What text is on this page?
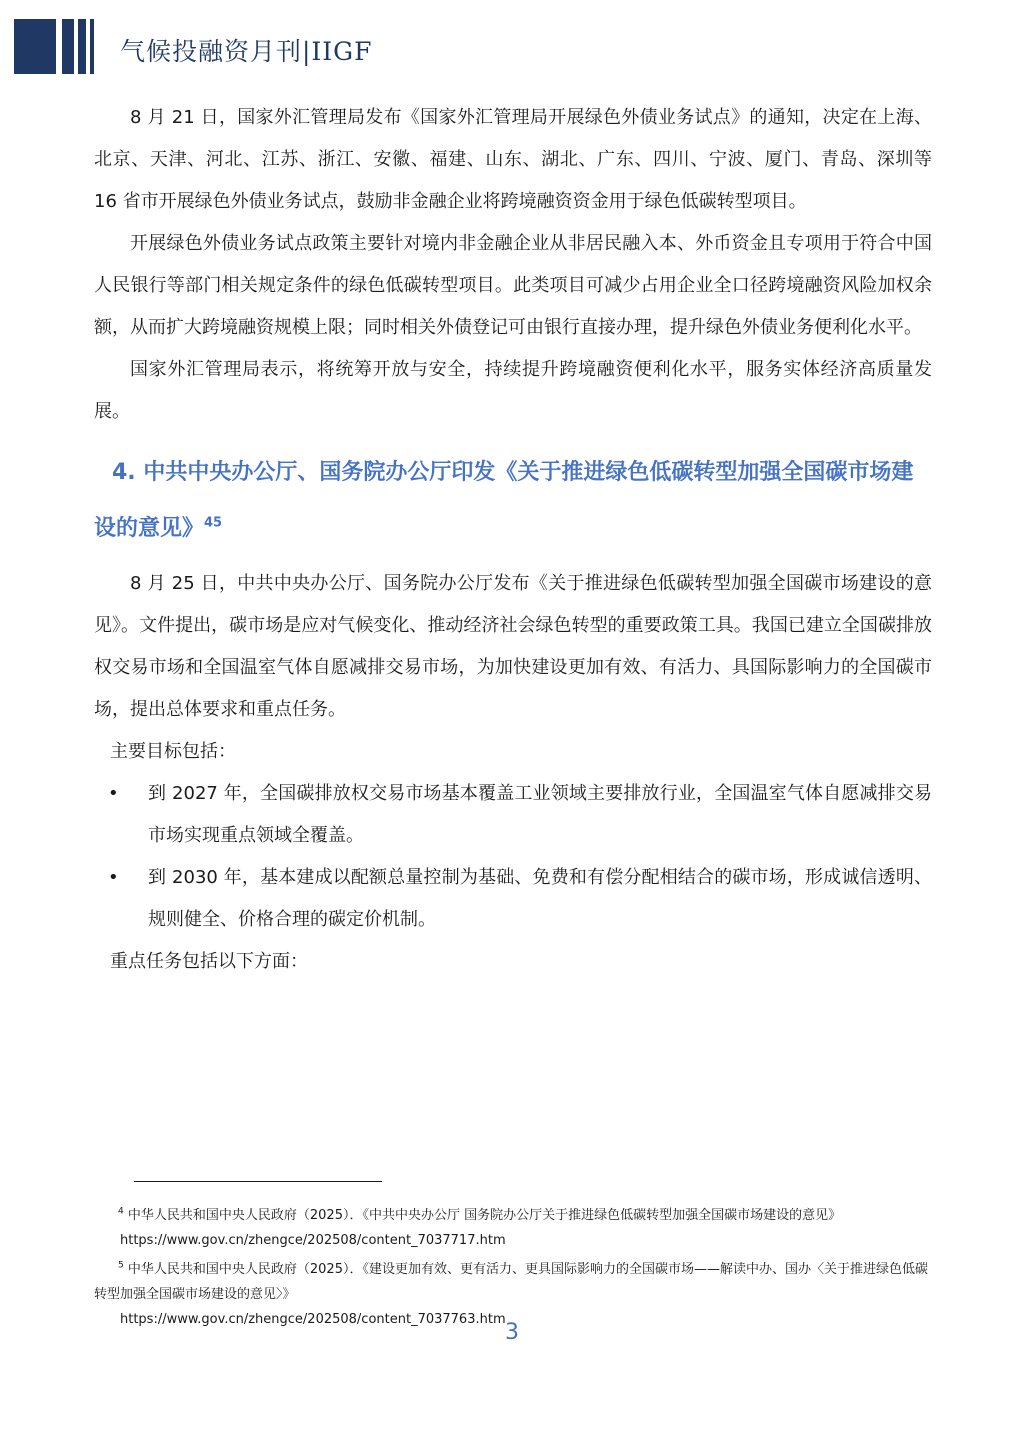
气候投融资月刊|IIGF

8 月 21 日，国家外汇管理局发布《国家外汇管理局开展绿色外债业务试点》的通知，决定在上海、北京、天津、河北、江苏、浙江、安徽、福建、山东、湖北、广东、四川、宁波、厦门、青岛、深圳等 16 省市开展绿色外债业务试点，鼓励非金融企业将跨境融资资金用于绿色低碳转型项目。

开展绿色外债业务试点政策主要针对境内非金融企业从非居民融入本、外币资金且专项用于符合中国人民银行等部门相关规定条件的绿色低碳转型项目。此类项目可减少占用企业全口径跨境融资风险加权余额，从而扩大跨境融资规模上限；同时相关外债登记可由银行直接办理，提升绿色外债业务便利化水平。

国家外汇管理局表示，将统筹开放与安全，持续提升跨境融资便利化水平，服务实体经济高质量发展。

4. 中共中央办公厅、国务院办公厅印发《关于推进绿色低碳转型加强全国碳市场建设的意见》$^{45}$

8 月 25 日，中共中央办公厅、国务院办公厅发布《关于推进绿色低碳转型加强全国碳市场建设的意见》。文件提出，碳市场是应对气候变化、推动经济社会绿色转型的重要政策工具。我国已建立全国碳排放权交易市场和全国温室气体自愿减排交易市场，为加快建设更加有效、有活力、具国际影响力的全国碳市场，提出总体要求和重点任务。

主要目标包括：

• 到 2027 年，全国碳排放权交易市场基本覆盖工业领域主要排放行业，全国温室气体自愿减排交易市场实现重点领域全覆盖。
• 到 2030 年，基本建成以配额总量控制为基础、免费和有偿分配相结合的碳市场，形成诚信透明、规则健全、价格合理的碳定价机制。

重点任务包括以下方面：

$^4$ 中华人民共和国中央人民政府（2025）．《中共中央办公厅 国务院办公厅关于推进绿色低碳转型加强全国碳市场建设的意见》

https://www.gov.cn/zhengce/202508/content_7037717.htm

$^5$ 中华人民共和国中央人民政府（2025）．《建设更加有效、更有活力、更具国际影响力的全国碳市场——解读中办、国办〈关于推进绿色低碳转型加强全国碳市场建设的意见〉》

https://www.gov.cn/zhengce/202508/content_7037763.htm

3
